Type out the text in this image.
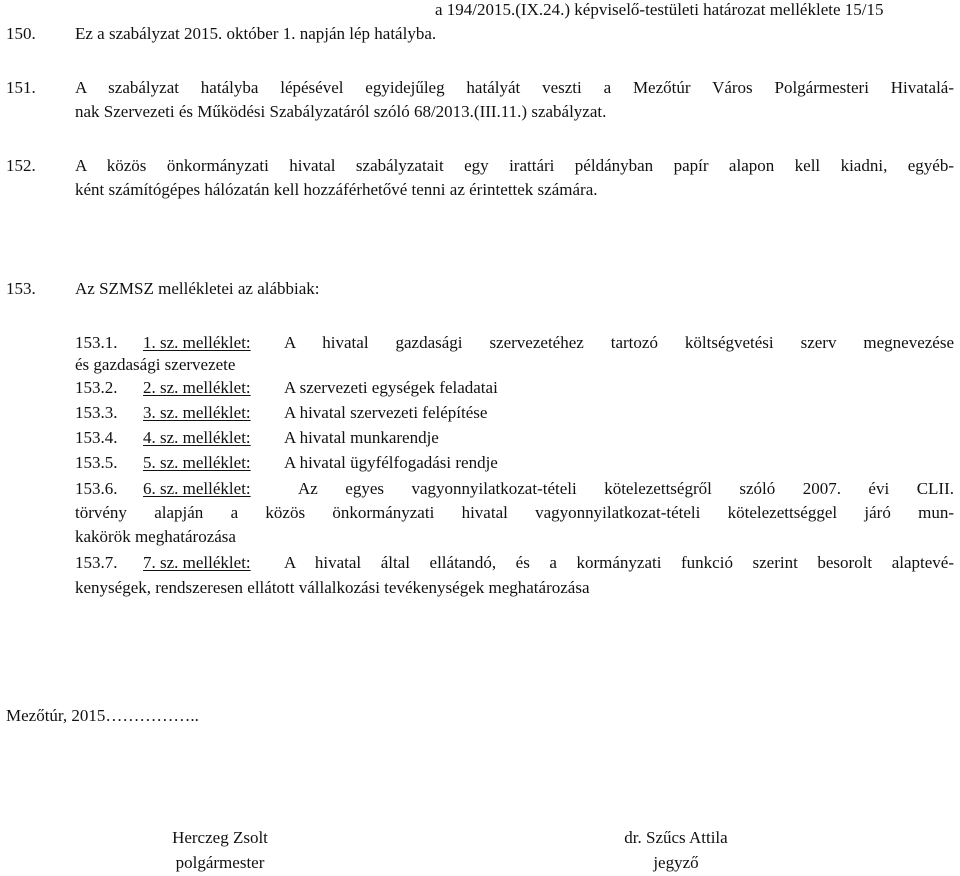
a 194/2015.(IX.24.) képviselő-testületi határozat melléklete 15/15
150. Ez a szabályzat 2015. október 1. napján lép hatályba.
151. A szabályzat hatályba lépésével egyidejűleg hatályát veszti a Mezőtúr Város Polgármesteri Hivatalá-
nak Szervezeti és Működési Szabályzatáról szóló 68/2013.(III.11.) szabályzat.
152. A közös önkormányzati hivatal szabályzatait egy irattári példányban papír alapon kell kiadni, egyéb-
ként számítógépes hálózatán kell hozzáférhetővé tenni az érintettek számára.
153. Az SZMSZ mellékletei az alábbiak:
153.1. 1. sz. melléklet: A hivatal gazdasági szervezetéhez tartozó költségvetési szerv megnevezése
és gazdasági szervezete
153.2. 2. sz. melléklet: A szervezeti egységek feladatai
153.3. 3. sz. melléklet: A hivatal szervezeti felépítése
153.4. 4. sz. melléklet: A hivatal munkarendje
153.5. 5. sz. melléklet: A hivatal ügyfélfogadási rendje
153.6. 6. sz. melléklet:	Az egyes vagyonnyilatkozat-tételi kötelezettségről szóló 2007. évi CLII.
törvény alapján a közös önkormányzati hivatal vagyonnyilatkozat-tételi kötelezettséggel járó mun-
kakörök meghatározása
153.7. 7. sz. melléklet: A hivatal által ellátandó, és a kormányzati funkció szerint besorolt alaptevé-
kenységek, rendszeresen ellátott vállalkozási tevékenységek meghatározása
Mezőtúr, 2015……………..
Herczeg Zsolt
polgármester
dr. Szűcs Attila
jegyző
